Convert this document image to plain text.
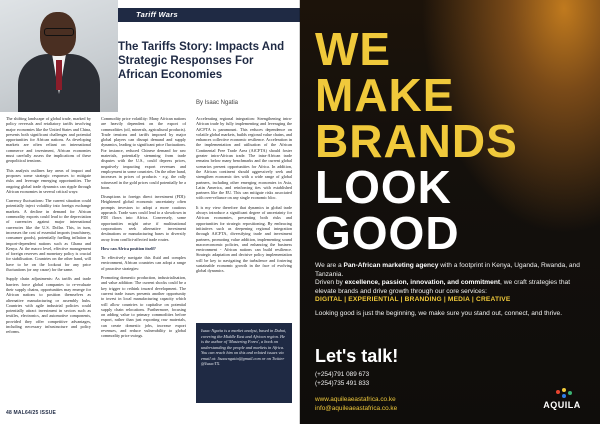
Tariff Wars
The Tariffs Story: Impacts And Strategic Responses For African Economies
By Isaac Ngatia

The shifting landscape of global trade, marked by policy reversals and retaliatory tariffs involving major economies like the United States and China, presents both significant challenges and potential opportunities for African nations. As developing markets are often reliant on international commerce and investment, African economies must carefully assess the implications of these geopolitical tensions.

This analysis outlines key areas of impact and proposes some strategic responses to mitigate risks and leverage emerging opportunities. The ongoing global trade dynamics can ripple through African economies in several critical ways:

Currency fluctuations: The current situation could potentially inject volatility into foreign exchange markets. A decline in demand for African commodity exports could lead to the depreciation of currencies against major international currencies like the U.S. Dollar. This, in turn, increases the cost of essential imports (machinery, consumer goods), potentially fuelling inflation in import-dependent nations such as Ghana and Kenya. At the macro level, effective management of foreign reserves and monetary policy is crucial for stabilisation. Countries on the other hand, will have to be on the lookout for any price fluctuations (or any cause) for the same.

Supply chain adjustments: As tariffs and trade barriers force global companies to re-evaluate their supply chains, opportunities may emerge for African nations to position themselves as alternative manufacturing or assembly hubs. Countries with agile industrial policies could potentially attract investment in sectors such as textiles, electronics, and automotive components, provided they offer competitive advantages, including necessary infrastructure and policy reforms.

Commodity price volatility: Many African nations are heavily dependent on the export of commodities (oil, minerals, agricultural products). Trade tensions and tariffs imposed by major global players can disrupt demand and supply dynamics, leading to significant price fluctuations. For instance, reduced Chinese demand for raw materials, potentially stemming from trade disputes with the U.S., could depress prices, negatively impacting export revenues and employment in some countries. On the other hand, increases in prices of products - e.g. the rally witnessed in the gold prices could potentially be a boon.

Disruptions to foreign direct investment (FDI): Heightened global economic uncertainty often prompts investors to adopt a more cautious approach. Trade wars could lead to a slowdown in FDI flows into Africa. Conversely, some opportunities might arise if multinational corporations seek alternative investment destinations or manufacturing bases to diversify away from conflict-affected trade routes.

How can Africa position itself?

To effectively navigate this fluid and complex environment, African countries can adopt a range of proactive strategies:

Promoting domestic production, industrialisation, and value addition: The current shocks could be a key trigger to rethink inward development. The current trade issues presents another opportunity to invest in local manufacturing capacity which will allow countries to capitalise on potential supply chain relocations. Furthermore, focusing on adding value to primary commodities before export, rather than just exporting raw materials, can create domestic jobs, increase export revenues, and reduce vulnerability to global commodity price swings.

Accelerating regional integration: Strengthening intra-African trade by fully implementing and leveraging the AfCFTA is paramount. This reduces dependence on volatile global markets, builds regional value chains, and enhances collective economic resilience. Acceleration in the implementation and utilisation of the African Continental Free Trade Area (AfCFTA) should foster greater intra-African trade. The intra-African trade remains below many benchmarks and the current global scenarios present opportunities for Africa. In addition, the African continent should aggressively seek and strengthen economic ties with a wide range of global partners, including other emerging economies in Asia, Latin America, and reinforcing ties with established partners like the EU. This can mitigate risks associated with over-reliance on any single economic bloc.

It is my view therefore that dynamics in global trade always introduce a significant degree of uncertainty for African economies, presenting both risks and opportunities for strategic repositioning. By embracing initiatives such as deepening regional integration through AfCFTA, diversifying trade and investment partners, promoting value addition, implementing sound macroeconomic policies, and enhancing the business environment - African nations can build resilience. Strategic adaptation and decisive policy implementation will be key to navigating the turbulence and fostering sustainable economic growth in the face of evolving global dynamics.

Isaac Ngatia is a market analyst, based in Dubai, covering the Middle East and African region. He is the author of 'Mastering Forex', a book on understanding the people and markets in Africa. You can reach him on this and related issues via email at: lisaacngatia@gmail.com or on Twitter @IsaacTX.
48 MAL64/25 ISSUE

WE

MAKE

BRANDS

LOOK

GOOD

We are a Pan-African marketing agency with a footprint in Kenya, Uganda, Rwanda, and Tanzania.
Driven by excellence, passion, innovation, and commitment, we craft strategies that elevate brands and drive growth through our core services:

DIGITAL | EXPERIENTIAL | BRANDING | MEDIA | CREATIVE

Looking good is just the beginning, we make sure you stand out, connect, and thrive.

Let's talk!

(+254)791 089 673

(+254)735 491 833

www.aquileaeastafrica.co.ke

info@aquileaeastafrica.co.ke	AQUILA
